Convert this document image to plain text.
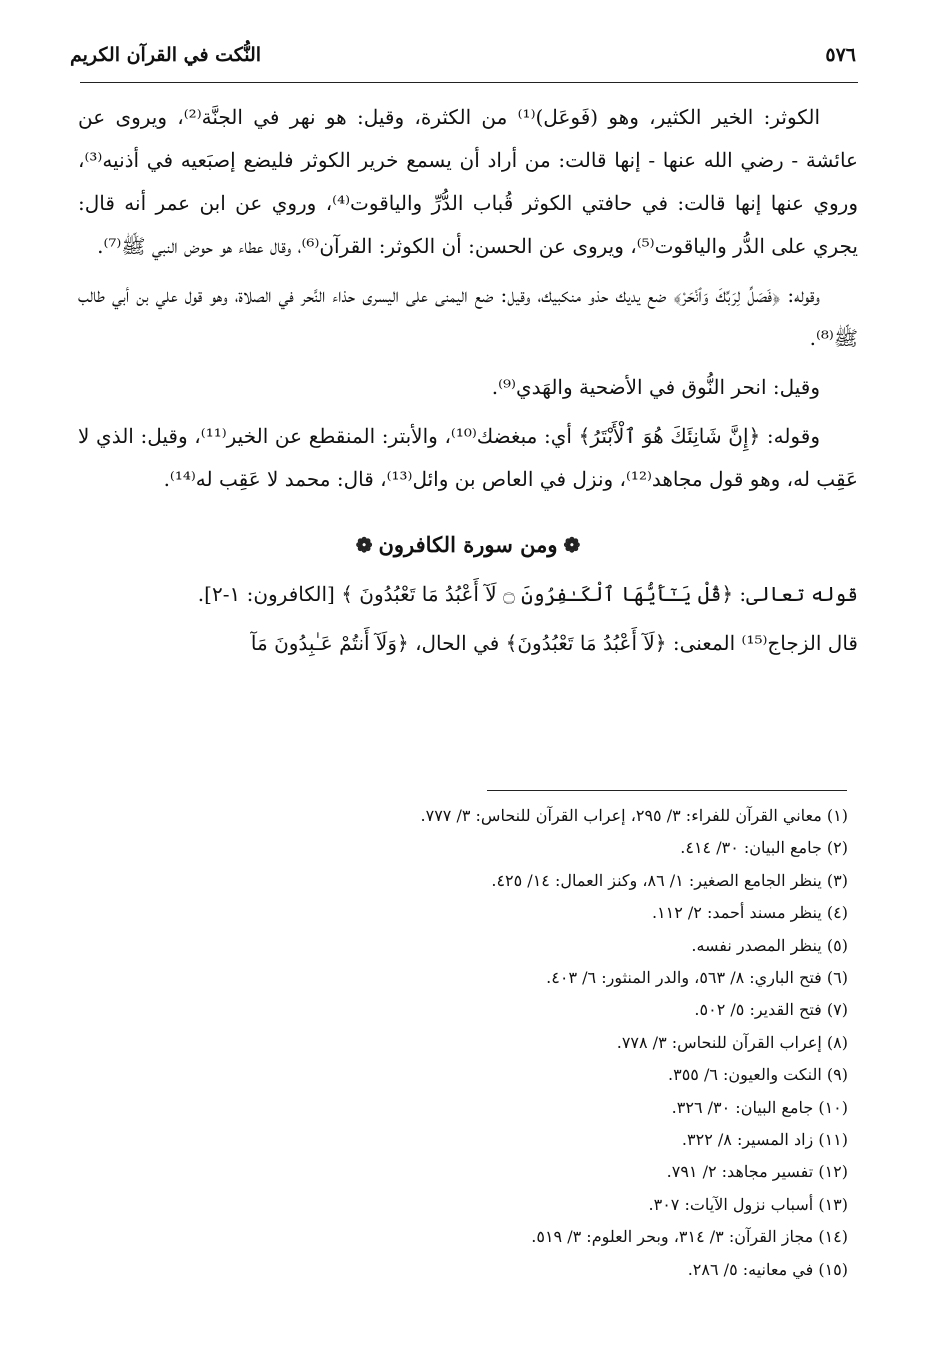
النُّكت في القرآن الكريم	٥٧٦

الكوثر: الخير الكثير، وهو (فَوعَل)⁽¹⁾ من الكثرة، وقيل: هو نهر في الجنَّة⁽²⁾، ويروى عن عائشة - رضي الله عنها - إنها قالت: من أراد أن يسمع خرير الكوثر فليضع إصبَعيه في أذنيه⁽³⁾، وروي عنها إنها قالت: في حافتي الكوثر قُباب الدُّرِّ والياقوت⁽⁴⁾، وروي عن ابن عمر أنه قال: يجري على الدُّر والياقوت⁽⁵⁾، ويروى عن الحسن: أن الكوثر: القرآن⁽⁶⁾، وقال عطاء هو حوض النبي ﷺ⁽⁷⁾.

وقوله: ﴿فَصَلِّ لِرَبِّكَ وَٱنْحَرْ﴾ ضع يديك حذو منكبيك، وقيل: ضع اليمنى على اليسرى حذاء النَّحر في الصلاة، وهو قول علي بن أبي طالب ﷺ⁽⁸⁾.

وقيل: انحر النُّوق في الأضحية والهَدي⁽⁹⁾.

وقوله: ﴿إِنَّ شَانِئَكَ هُوَ ٱلْأَبْتَرُ﴾ أي: مبغضك⁽¹⁰⁾، والأبتر: المنقطع عن الخير⁽¹¹⁾، وقيل: الذي لا عَقِب له، وهو قول مجاهد⁽¹²⁾، ونزل في العاص بن وائل⁽¹³⁾، قال: محمد لا عَقِب له⁽¹⁴⁾.

❁ومن سورة الكافرون❁

قوله تعالى: ﴿قُلْ يَـٰٓأَيُّهَا ٱلْكَـٰفِرُونَ ۝ لَآ أَعْبُدُ مَا تَعْبُدُونَ ﴾ [الكافرون: ١-٢].

قال الزجاج⁽¹⁵⁾ المعنى: ﴿لَآ أَعْبُدُ مَا تَعْبُدُونَ﴾ في الحال، ﴿وَلَآ أَنتُمْ عَـٰبِدُونَ مَآ

(١) معاني القرآن للفراء: ٣/ ٢٩٥، إعراب القرآن للنحاس: ٣/ ٧٧٧.
(٢) جامع البيان: ٣٠/ ٤١٤.
(٣) ينظر الجامع الصغير: ١/ ٨٦، وكنز العمال: ١٤/ ٤٢٥.
(٤) ينظر مسند أحمد: ٢/ ١١٢.
(٥) ينظر المصدر نفسه.
(٦) فتح الباري: ٨/ ٥٦٣، والدر المنثور: ٦/ ٤٠٣.
(٧) فتح القدير: ٥/ ٥٠٢.
(٨) إعراب القرآن للنحاس: ٣/ ٧٧٨.
(٩) النكت والعيون: ٦/ ٣٥٥.
(١٠) جامع البيان: ٣٠/ ٣٢٦.
(١١) زاد المسير: ٨/ ٣٢٢.
(١٢) تفسير مجاهد: ٢/ ٧٩١.
(١٣) أسباب نزول الآيات: ٣٠٧.
(١٤) مجاز القرآن: ٣/ ٣١٤، وبحر العلوم: ٣/ ٥١٩.
(١٥) في معانيه: ٥/ ٢٨٦.
